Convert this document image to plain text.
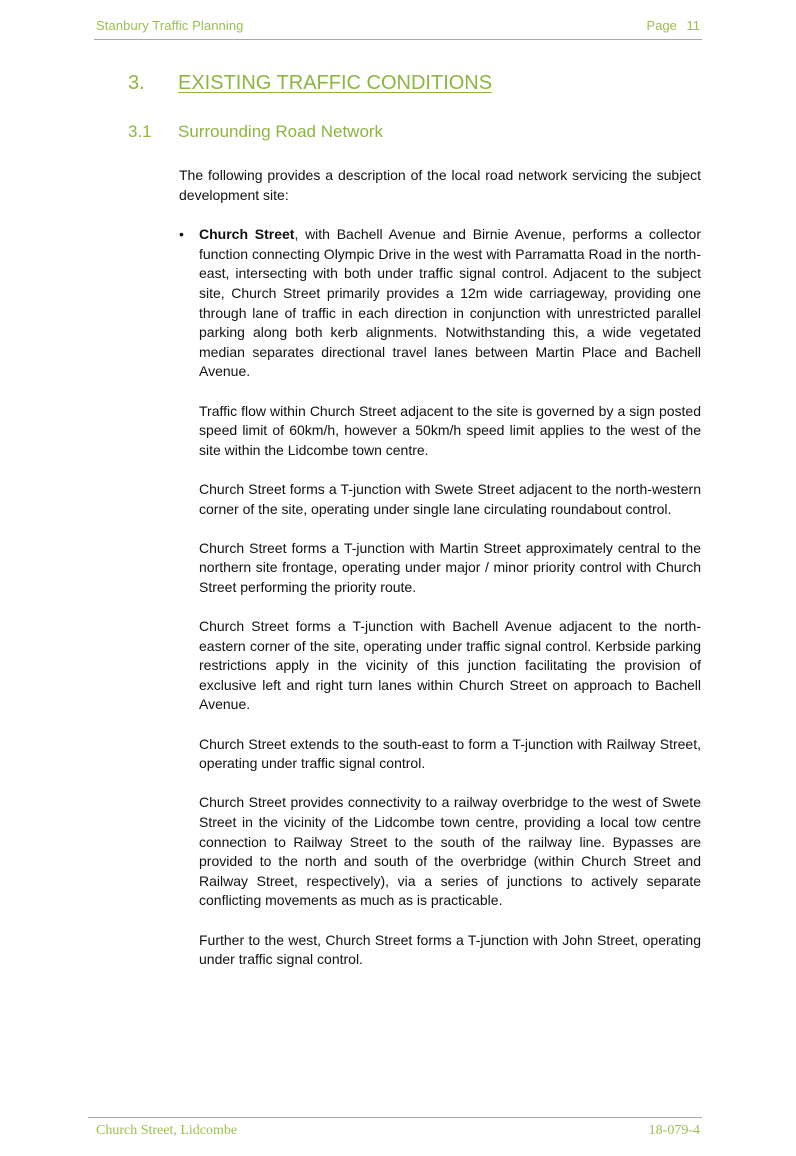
Stanbury Traffic Planning	Page 11
3. EXISTING TRAFFIC CONDITIONS
3.1 Surrounding Road Network

The following provides a description of the local road network servicing the subject development site:

• Church Street, with Bachell Avenue and Birnie Avenue, performs a collector function connecting Olympic Drive in the west with Parramatta Road in the north-east, intersecting with both under traffic signal control. Adjacent to the subject site, Church Street primarily provides a 12m wide carriageway, providing one through lane of traffic in each direction in conjunction with unrestricted parallel parking along both kerb alignments. Notwithstanding this, a wide vegetated median separates directional travel lanes between Martin Place and Bachell Avenue.

Traffic flow within Church Street adjacent to the site is governed by a sign posted speed limit of 60km/h, however a 50km/h speed limit applies to the west of the site within the Lidcombe town centre.

Church Street forms a T-junction with Swete Street adjacent to the north-western corner of the site, operating under single lane circulating roundabout control.

Church Street forms a T-junction with Martin Street approximately central to the northern site frontage, operating under major / minor priority control with Church Street performing the priority route.

Church Street forms a T-junction with Bachell Avenue adjacent to the north-eastern corner of the site, operating under traffic signal control. Kerbside parking restrictions apply in the vicinity of this junction facilitating the provision of exclusive left and right turn lanes within Church Street on approach to Bachell Avenue.

Church Street extends to the south-east to form a T-junction with Railway Street, operating under traffic signal control.

Church Street provides connectivity to a railway overbridge to the west of Swete Street in the vicinity of the Lidcombe town centre, providing a local tow centre connection to Railway Street to the south of the railway line. Bypasses are provided to the north and south of the overbridge (within Church Street and Railway Street, respectively), via a series of junctions to actively separate conflicting movements as much as is practicable.

Further to the west, Church Street forms a T-junction with John Street, operating under traffic signal control.

Church Street, Lidcombe	18-079-4
